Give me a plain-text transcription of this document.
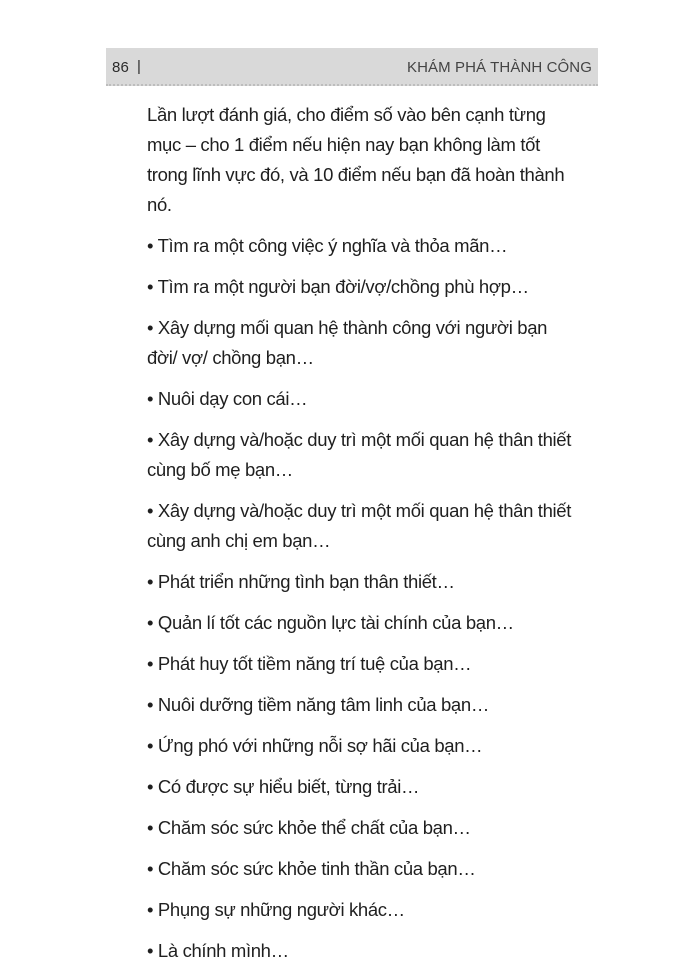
86 |	KHÁM PHÁ THÀNH CÔNG

Lần lượt đánh giá, cho điểm số vào bên cạnh từng mục – cho 1 điểm nếu hiện nay bạn không làm tốt trong lĩnh vực đó, và 10 điểm nếu bạn đã hoàn thành nó.

• Tìm ra một công việc ý nghĩa và thỏa mãn…

• Tìm ra một người bạn đời/vợ/chồng phù hợp…

• Xây dựng mối quan hệ thành công với người bạn đời/ vợ/ chồng bạn…

• Nuôi dạy con cái…

• Xây dựng và/hoặc duy trì một mối quan hệ thân thiết cùng bố mẹ bạn…

• Xây dựng và/hoặc duy trì một mối quan hệ thân thiết cùng anh chị em bạn…

• Phát triển những tình bạn thân thiết…

• Quản lí tốt các nguồn lực tài chính của bạn…

• Phát huy tốt tiềm năng trí tuệ của bạn…

• Nuôi dưỡng tiềm năng tâm linh của bạn…

• Ứng phó với những nỗi sợ hãi của bạn…

• Có được sự hiểu biết, từng trải…

• Chăm sóc sức khỏe thể chất của bạn…

• Chăm sóc sức khỏe tinh thần của bạn…

• Phụng sự những người khác…

• Là chính mình…
